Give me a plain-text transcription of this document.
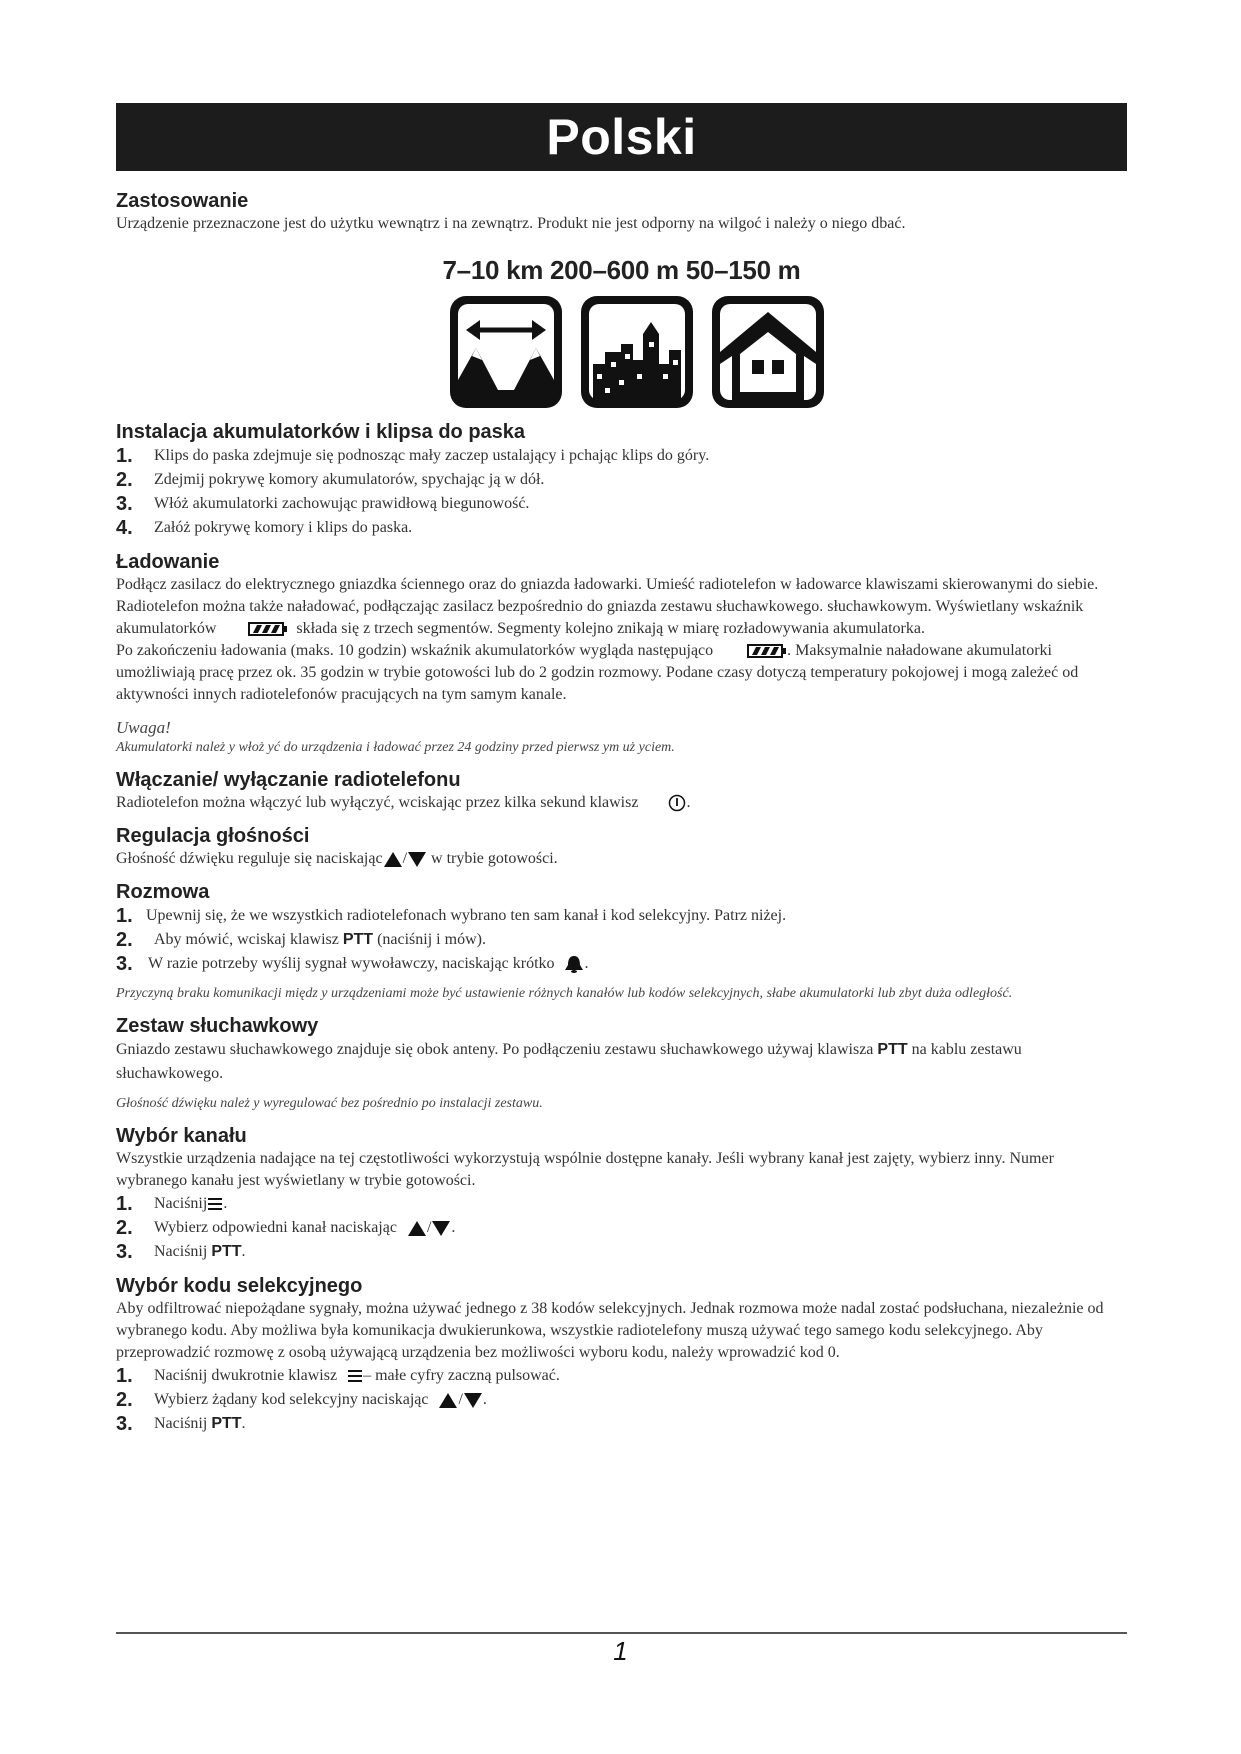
Polski
Zastosowanie

Urządzenie przeznaczone jest do użytku wewnątrz i na zewnątrz. Produkt nie jest odporny na wilgoć i należy o niego dbać.

7–10 km 200–600 m 50–150 m
Instalacja akumulatorków i klipsa do paska
1.	Klips do paska zdejmuje się podnosząc mały zaczep ustalający i pchając klips do góry.
2.	Zdejmij pokrywę komory akumulatorów, spychając ją w dół.
3.	Włóż akumulatorki zachowując prawidłową biegunowość.
4.	Załóż pokrywę komory i klips do paska.
Ładowanie

Podłącz zasilacz do elektrycznego gniazdka ściennego oraz do gniazda ładowarki. Umieść radiotelefon w ładowarce klawiszami skierowanymi do siebie. Radiotelefon można także naładować, podłączając zasilacz bezpośrednio do gniazda zestawu słuchawkowego. słuchawkowym. Wyświetlany wskaźnik akumulatorków	składa się z trzech segmentów. Segmenty kolejno znikają w miarę rozładowywania akumulatorka.

Po zakończeniu ładowania (maks. 10 godzin) wskaźnik akumulatorków wygląda następująco	. Maksymalnie naładowane akumulatorki umożliwiają pracę przez ok. 35 godzin w trybie gotowości lub do 2 godzin rozmowy. Podane czasy dotyczą temperatury pokojowej i mogą zależeć od aktywności innych radiotelefonów pracujących na tym samym kanale.

Uwaga!

Akumulatorki należ y włoż yć do urządzenia i ładować przez 24 godziny przed pierwsz ym uż yciem.

Włączanie/ wyłączanie radiotelefonu

Radiotelefon można włączyć lub wyłączyć, wciskając przez kilka sekund klawisz	.

Regulacja głośności

Głośność dźwięku reguluje się naciskając / w trybie gotowości.

Rozmowa
1. Upewnij się, że we wszystkich radiotelefonach wybrano ten sam kanał i kod selekcyjny. Patrz niżej.
2.	Aby mówić, wciskaj klawisz
PTT
(naciśnij i mów).
3. W razie potrzeby wyślij sygnał wywoławczy, naciskając krótko .

Przyczyną braku komunikacji międz y urządzeniami może być ustawienie różnych kanałów lub kodów selekcyjnych, słabe akumulatorki lub zbyt duża odległość.

Zestaw słuchawkowy

Gniazdo zestawu słuchawkowego znajduje się obok anteny. Po podłączeniu zestawu słuchawkowego używaj klawisza PTT na kablu zestawu słuchawkowego.

Głośność dźwięku należ y wyregulować bez pośrednio po instalacji zestawu.

Wybór kanału

Wszystkie urządzenia nadające na tej częstotliwości wykorzystują wspólnie dostępne kanały. Jeśli wybrany kanał jest zajęty, wybierz inny. Numer wybranego kanału jest wyświetlany w trybie gotowości.

1.	Naciśnij .
2.	Wybierz odpowiedni kanał naciskając / .
3.	Naciśnij
PTT .
Wybór kodu selekcyjnego

Aby odfiltrować niepożądane sygnały, można używać jednego z 38 kodów selekcyjnych. Jednak rozmowa może nadal zostać podsłuchana, niezależnie od wybranego kodu. Aby możliwa była komunikacja dwukierunkowa, wszystkie radiotelefony muszą używać tego samego kodu selekcyjnego. Aby przeprowadzić rozmowę z osobą używającą urządzenia bez możliwości wyboru kodu, należy wprowadzić kod 0.

1.	Naciśnij dwukrotnie klawisz – małe cyfry zaczną pulsować.
2.	Wybierz żądany kod selekcyjny naciskając / .
3.	Naciśnij
PTT .
1
